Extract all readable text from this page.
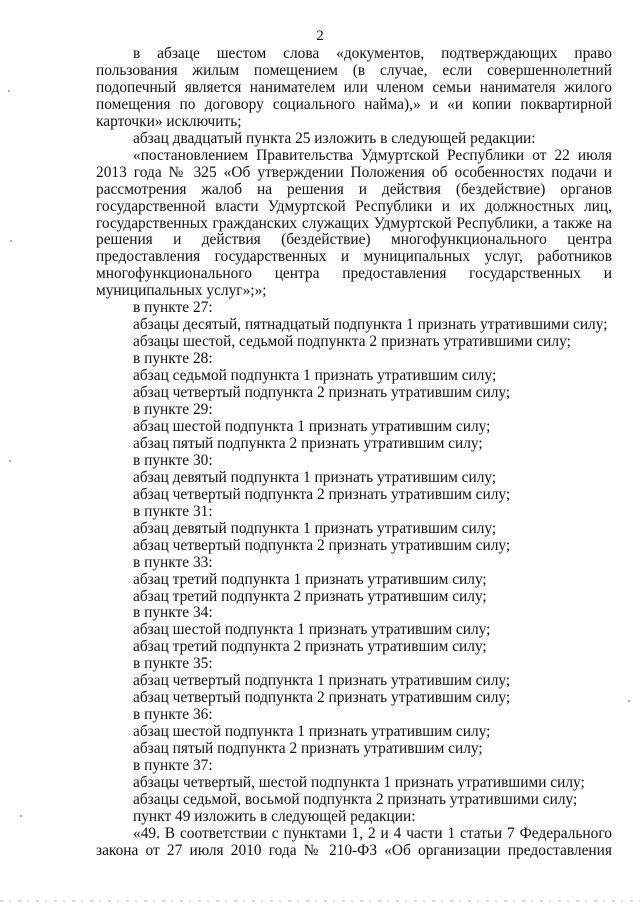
2

в абзаце шестом слова «документов, подтверждающих право пользования жилым помещением (в случае, если совершеннолетний подопечный является нанимателем или членом семьи нанимателя жилого помещения по договору социального найма),» и «и копии поквартирной карточки» исключить;

абзац двадцатый пункта 25 изложить в следующей редакции:

«постановлением Правительства Удмуртской Республики от 22 июля 2013 года № 325 «Об утверждении Положения об особенностях подачи и рассмотрения жалоб на решения и действия (бездействие) органов государственной власти Удмуртской Республики и их должностных лиц, государственных гражданских служащих Удмуртской Республики, а также на решения и действия (бездействие) многофункционального центра предоставления государственных и муниципальных услуг, работников многофункционального центра предоставления государственных и муниципальных услуг»;»;

в пункте 27:

абзацы десятый, пятнадцатый подпункта 1 признать утратившими силу;

абзацы шестой, седьмой подпункта 2 признать утратившими силу;

в пункте 28:

абзац седьмой подпункта 1 признать утратившим силу;

абзац четвертый подпункта 2 признать утратившим силу;

в пункте 29:

абзац шестой подпункта 1 признать утратившим силу;

абзац пятый подпункта 2 признать утратившим силу;

в пункте 30:

абзац девятый подпункта 1 признать утратившим силу;

абзац четвертый подпункта 2 признать утратившим силу;

в пункте 31:

абзац девятый подпункта 1 признать утратившим силу;

абзац четвертый подпункта 2 признать утратившим силу;

в пункте 33:

абзац третий подпункта 1 признать утратившим силу;

абзац третий подпункта 2 признать утратившим силу;

в пункте 34:

абзац шестой подпункта 1 признать утратившим силу;

абзац третий подпункта 2 признать утратившим силу;

в пункте 35:

абзац четвертый подпункта 1 признать утратившим силу;

абзац четвертый подпункта 2 признать утратившим силу;

в пункте 36:

абзац шестой подпункта 1 признать утратившим силу;

абзац пятый подпункта 2 признать утратившим силу;

в пункте 37:

абзацы четвертый, шестой подпункта 1 признать утратившими силу;

абзацы седьмой, восьмой подпункта 2 признать утратившими силу;

пункт 49 изложить в следующей редакции:

«49. В соответствии с пунктами 1, 2 и 4 части 1 статьи 7 Федерального закона от 27 июля 2010 года № 210-ФЗ «Об организации предоставления
